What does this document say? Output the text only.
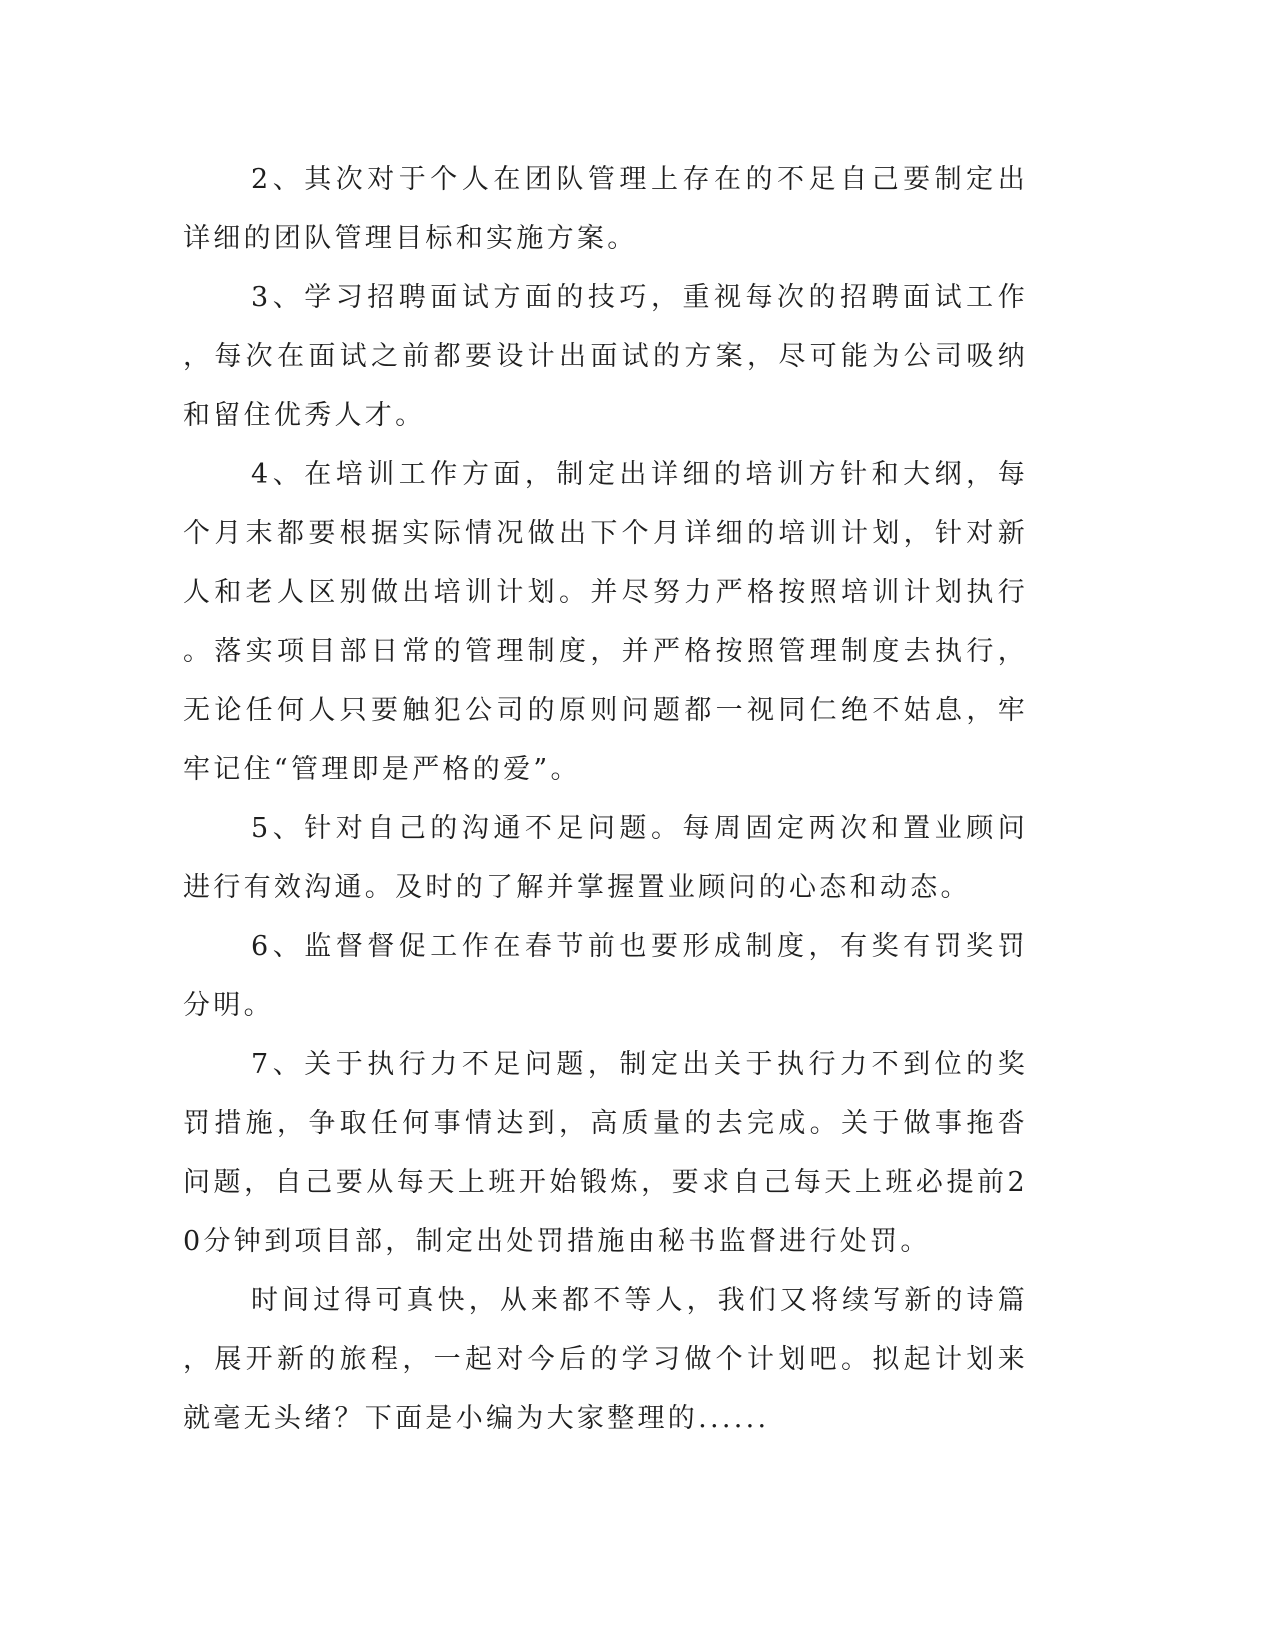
2、其次对于个人在团队管理上存在的不足自己要制定出详细的团队管理目标和实施方案。

3、学习招聘面试方面的技巧，重视每次的招聘面试工作，每次在面试之前都要设计出面试的方案，尽可能为公司吸纳和留住优秀人才。

4、在培训工作方面，制定出详细的培训方针和大纲，每个月末都要根据实际情况做出下个月详细的培训计划，针对新人和老人区别做出培训计划。并尽努力严格按照培训计划执行。落实项目部日常的管理制度，并严格按照管理制度去执行，无论任何人只要触犯公司的原则问题都一视同仁绝不姑息，牢牢记住“管理即是严格的爱”。

5、针对自己的沟通不足问题。每周固定两次和置业顾问进行有效沟通。及时的了解并掌握置业顾问的心态和动态。

6、监督督促工作在春节前也要形成制度，有奖有罚奖罚分明。

7、关于执行力不足问题，制定出关于执行力不到位的奖罚措施，争取任何事情达到，高质量的去完成。关于做事拖沓问题，自己要从每天上班开始锻炼，要求自己每天上班必提前20分钟到项目部，制定出处罚措施由秘书监督进行处罚。

时间过得可真快，从来都不等人，我们又将续写新的诗篇，展开新的旅程，一起对今后的学习做个计划吧。拟起计划来就毫无头绪？下面是小编为大家整理的......
